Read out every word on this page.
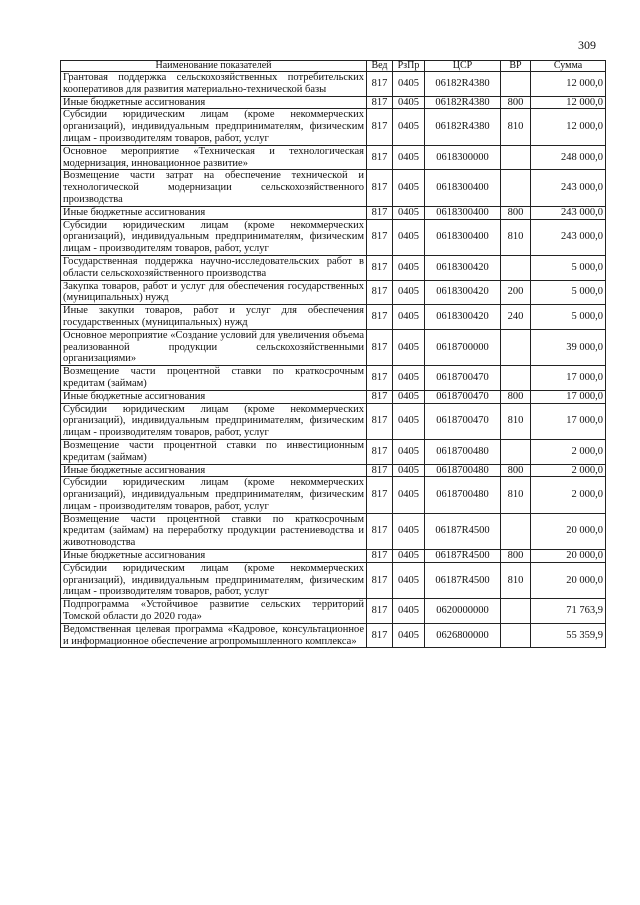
309
Наименование показателей	Вед	РзПр	ЦСР	ВР	Сумма
Грантовая поддержка сельскохозяйственных потребительских кооперативов для развития материально-технической базы	817	0405	06182R4380		12 000,0
Иные бюджетные ассигнования	817	0405	06182R4380	800	12 000,0
Субсидии юридическим лицам (кроме некоммерческих организаций), индивидуальным предпринимателям, физическим лицам - производителям товаров, работ, услуг	817	0405	06182R4380	810	12 000,0
Основное мероприятие «Техническая и технологическая модернизация, инновационное развитие»	817	0405	0618300000		248 000,0
Возмещение части затрат на обеспечение технической и технологической модернизации сельскохозяйственного производства	817	0405	0618300400		243 000,0
Иные бюджетные ассигнования	817	0405	0618300400	800	243 000,0
Субсидии юридическим лицам (кроме некоммерческих организаций), индивидуальным предпринимателям, физическим лицам - производителям товаров, работ, услуг	817	0405	0618300400	810	243 000,0
Государственная поддержка научно-исследовательских работ в области сельскохозяйственного производства	817	0405	0618300420		5 000,0
Закупка товаров, работ и услуг для обеспечения государственных (муниципальных) нужд	817	0405	0618300420	200	5 000,0
Иные закупки товаров, работ и услуг для обеспечения государственных (муниципальных) нужд	817	0405	0618300420	240	5 000,0
Основное мероприятие «Создание условий для увеличения объема реализованной продукции сельскохозяйственными организациями»	817	0405	0618700000		39 000,0
Возмещение части процентной ставки по краткосрочным кредитам (займам)	817	0405	0618700470		17 000,0
Иные бюджетные ассигнования	817	0405	0618700470	800	17 000,0
Субсидии юридическим лицам (кроме некоммерческих организаций), индивидуальным предпринимателям, физическим лицам - производителям товаров, работ, услуг	817	0405	0618700470	810	17 000,0
Возмещение части процентной ставки по инвестиционным кредитам (займам)	817	0405	0618700480		2 000,0
Иные бюджетные ассигнования	817	0405	0618700480	800	2 000,0
Субсидии юридическим лицам (кроме некоммерческих организаций), индивидуальным предпринимателям, физическим лицам - производителям товаров, работ, услуг	817	0405	0618700480	810	2 000,0
Возмещение части процентной ставки по краткосрочным кредитам (займам) на переработку продукции растениеводства и животноводства	817	0405	06187R4500		20 000,0
Иные бюджетные ассигнования	817	0405	06187R4500	800	20 000,0
Субсидии юридическим лицам (кроме некоммерческих организаций), индивидуальным предпринимателям, физическим лицам - производителям товаров, работ, услуг	817	0405	06187R4500	810	20 000,0
Подпрограмма «Устойчивое развитие сельских территорий Томской области до 2020 года»	817	0405	0620000000		71 763,9
Ведомственная целевая программа «Кадровое, консультационное и информационное обеспечение агропромышленного комплекса»	817	0405	0626800000		55 359,9
